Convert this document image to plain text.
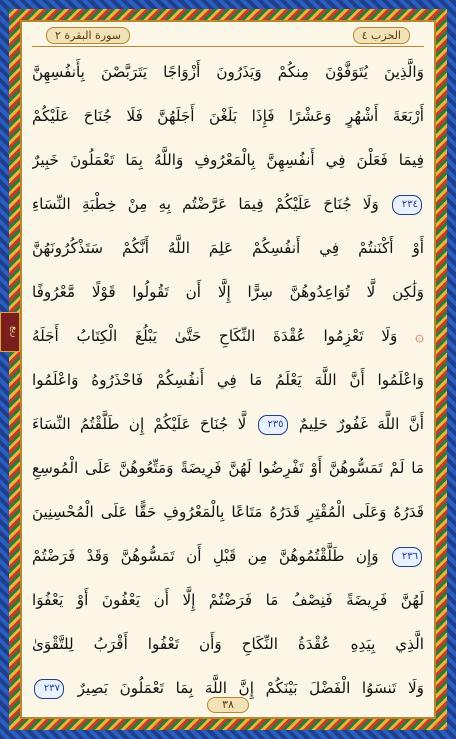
ربع
الحزب ٤
سورة البقرة ٢
وَالَّذِينَ يُتَوَفَّوْنَ مِنكُمْ وَيَذَرُونَ أَزْوَاجًا يَتَرَبَّصْنَ بِأَنفُسِهِنَّ
أَرْبَعَةَ أَشْهُرٍ وَعَشْرًا فَإِذَا بَلَغْنَ أَجَلَهُنَّ فَلَا جُنَاحَ عَلَيْكُمْ
فِيمَا فَعَلْنَ فِي أَنفُسِهِنَّ بِالْمَعْرُوفِ وَاللَّهُ بِمَا تَعْمَلُونَ خَبِيرٌ
٢٣٤ وَلَا جُنَاحَ عَلَيْكُمْ فِيمَا عَرَّضْتُم بِهِ مِنْ خِطْبَةِ النِّسَاءِ
أَوْ أَكْنَنتُمْ فِي أَنفُسِكُمْ عَلِمَ اللَّهُ أَنَّكُمْ سَتَذْكُرُونَهُنَّ
وَلَٰكِن لَّا تُوَاعِدُوهُنَّ سِرًّا إِلَّا أَن تَقُولُوا قَوْلًا مَّعْرُوفًا
۞ وَلَا تَعْزِمُوا عُقْدَةَ النِّكَاحِ حَتَّىٰ يَبْلُغَ الْكِتَابُ أَجَلَهُ
وَاعْلَمُوا أَنَّ اللَّهَ يَعْلَمُ مَا فِي أَنفُسِكُمْ فَاحْذَرُوهُ وَاعْلَمُوا
أَنَّ اللَّهَ غَفُورٌ حَلِيمٌ ٢٣٥ لَّا جُنَاحَ عَلَيْكُمْ إِن طَلَّقْتُمُ النِّسَاءَ
مَا لَمْ تَمَسُّوهُنَّ أَوْ تَفْرِضُوا لَهُنَّ فَرِيضَةً وَمَتِّعُوهُنَّ عَلَى الْمُوسِعِ
قَدَرُهُ وَعَلَى الْمُقْتِرِ قَدَرُهُ مَتَاعًا بِالْمَعْرُوفِ حَقًّا عَلَى الْمُحْسِنِينَ
٢٣٦ وَإِن طَلَّقْتُمُوهُنَّ مِن قَبْلِ أَن تَمَسُّوهُنَّ وَقَدْ فَرَضْتُمْ
لَهُنَّ فَرِيضَةً فَنِصْفُ مَا فَرَضْتُمْ إِلَّا أَن يَعْفُونَ أَوْ يَعْفُوَا
الَّذِي بِيَدِهِ عُقْدَةُ النِّكَاحِ وَأَن تَعْفُوا أَقْرَبُ لِلتَّقْوَىٰ
وَلَا تَنسَوُا الْفَضْلَ بَيْنَكُمْ إِنَّ اللَّهَ بِمَا تَعْمَلُونَ بَصِيرٌ ٢٣٧
٣٨
